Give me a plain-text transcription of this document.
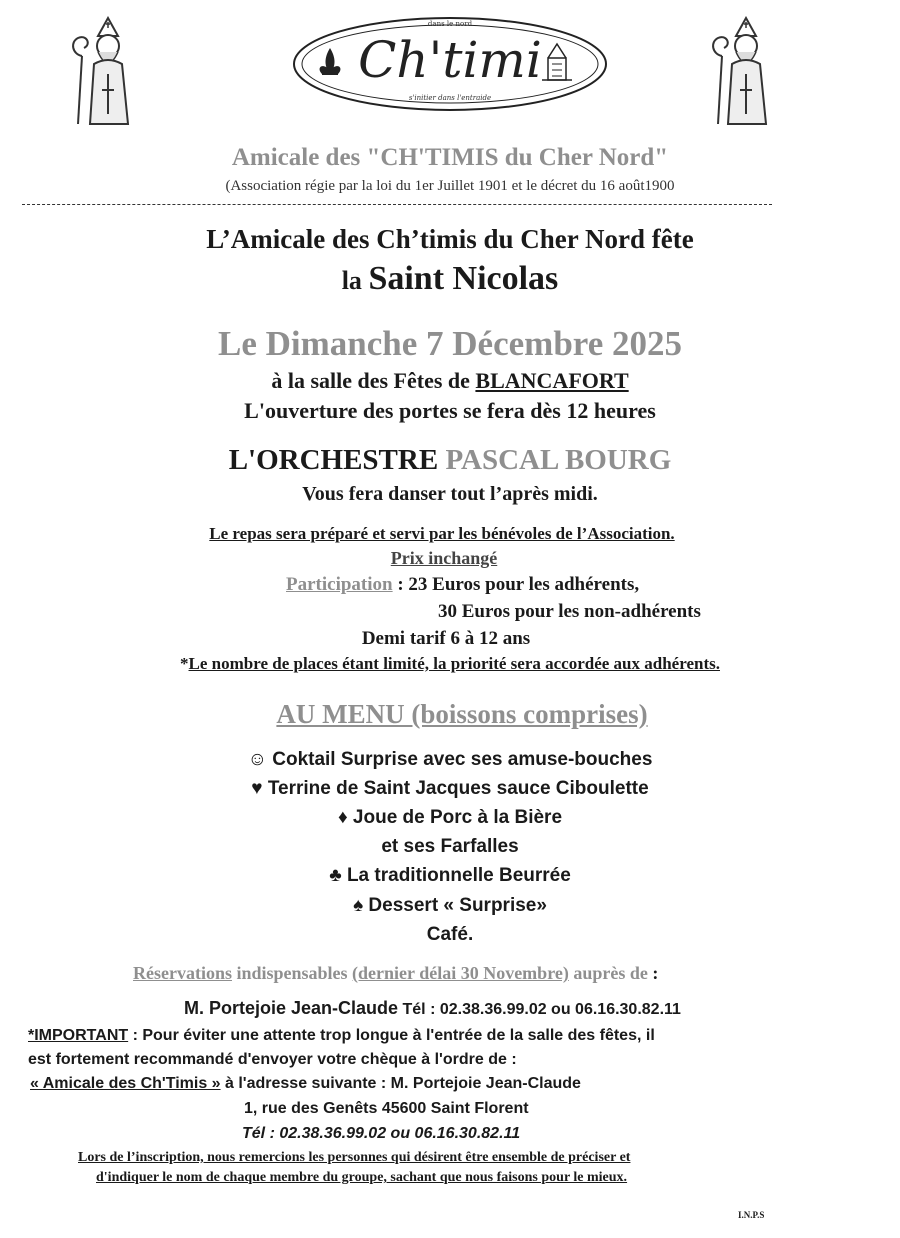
dans le nord
Ch'timi
s'initier dans l'entraide
Amicale des "CH'TIMIS du Cher Nord"
(Association régie par la loi du 1er Juillet 1901 et le décret du 16 août1900
L’Amicale des Ch’timis du Cher Nord fête
la Saint Nicolas
Le Dimanche 7 Décembre 2025
à la salle des Fêtes de BLANCAFORT
L'ouverture des portes se fera dès 12 heures
L'ORCHESTRE PASCAL BOURG
Vous fera danser tout l’après midi.
Le repas sera préparé et servi par les bénévoles de l’Association.
Prix inchangé
Participation : 23 Euros pour les adhérents,
30 Euros pour les non-adhérents
Demi tarif 6 à 12 ans
*Le nombre de places étant limité, la priorité sera accordée aux adhérents.
AU MENU (boissons comprises)
☺ Coktail Surprise avec ses amuse-bouches
♥ Terrine de Saint Jacques sauce Ciboulette
♦ Joue de Porc à la Bière
et ses Farfalles
♣ La traditionnelle Beurrée
♠ Dessert « Surprise»
Café.
Réservations indispensables (dernier délai 30 Novembre) auprès de :
M. Portejoie Jean-Claude Tél : 02.38.36.99.02 ou 06.16.30.82.11
*IMPORTANT : Pour éviter une attente trop longue à l'entrée de la salle des fêtes, il
est fortement recommandé d'envoyer votre chèque à l'ordre de :
« Amicale des Ch'Timis » à l'adresse suivante : M. Portejoie Jean-Claude
1, rue des Genêts 45600 Saint Florent
Tél : 02.38.36.99.02 ou 06.16.30.82.11
Lors de l’inscription, nous remercions les personnes qui désirent être ensemble de préciser et
d'indiquer le nom de chaque membre du groupe, sachant que nous faisons pour le mieux.
I.N.P.S
